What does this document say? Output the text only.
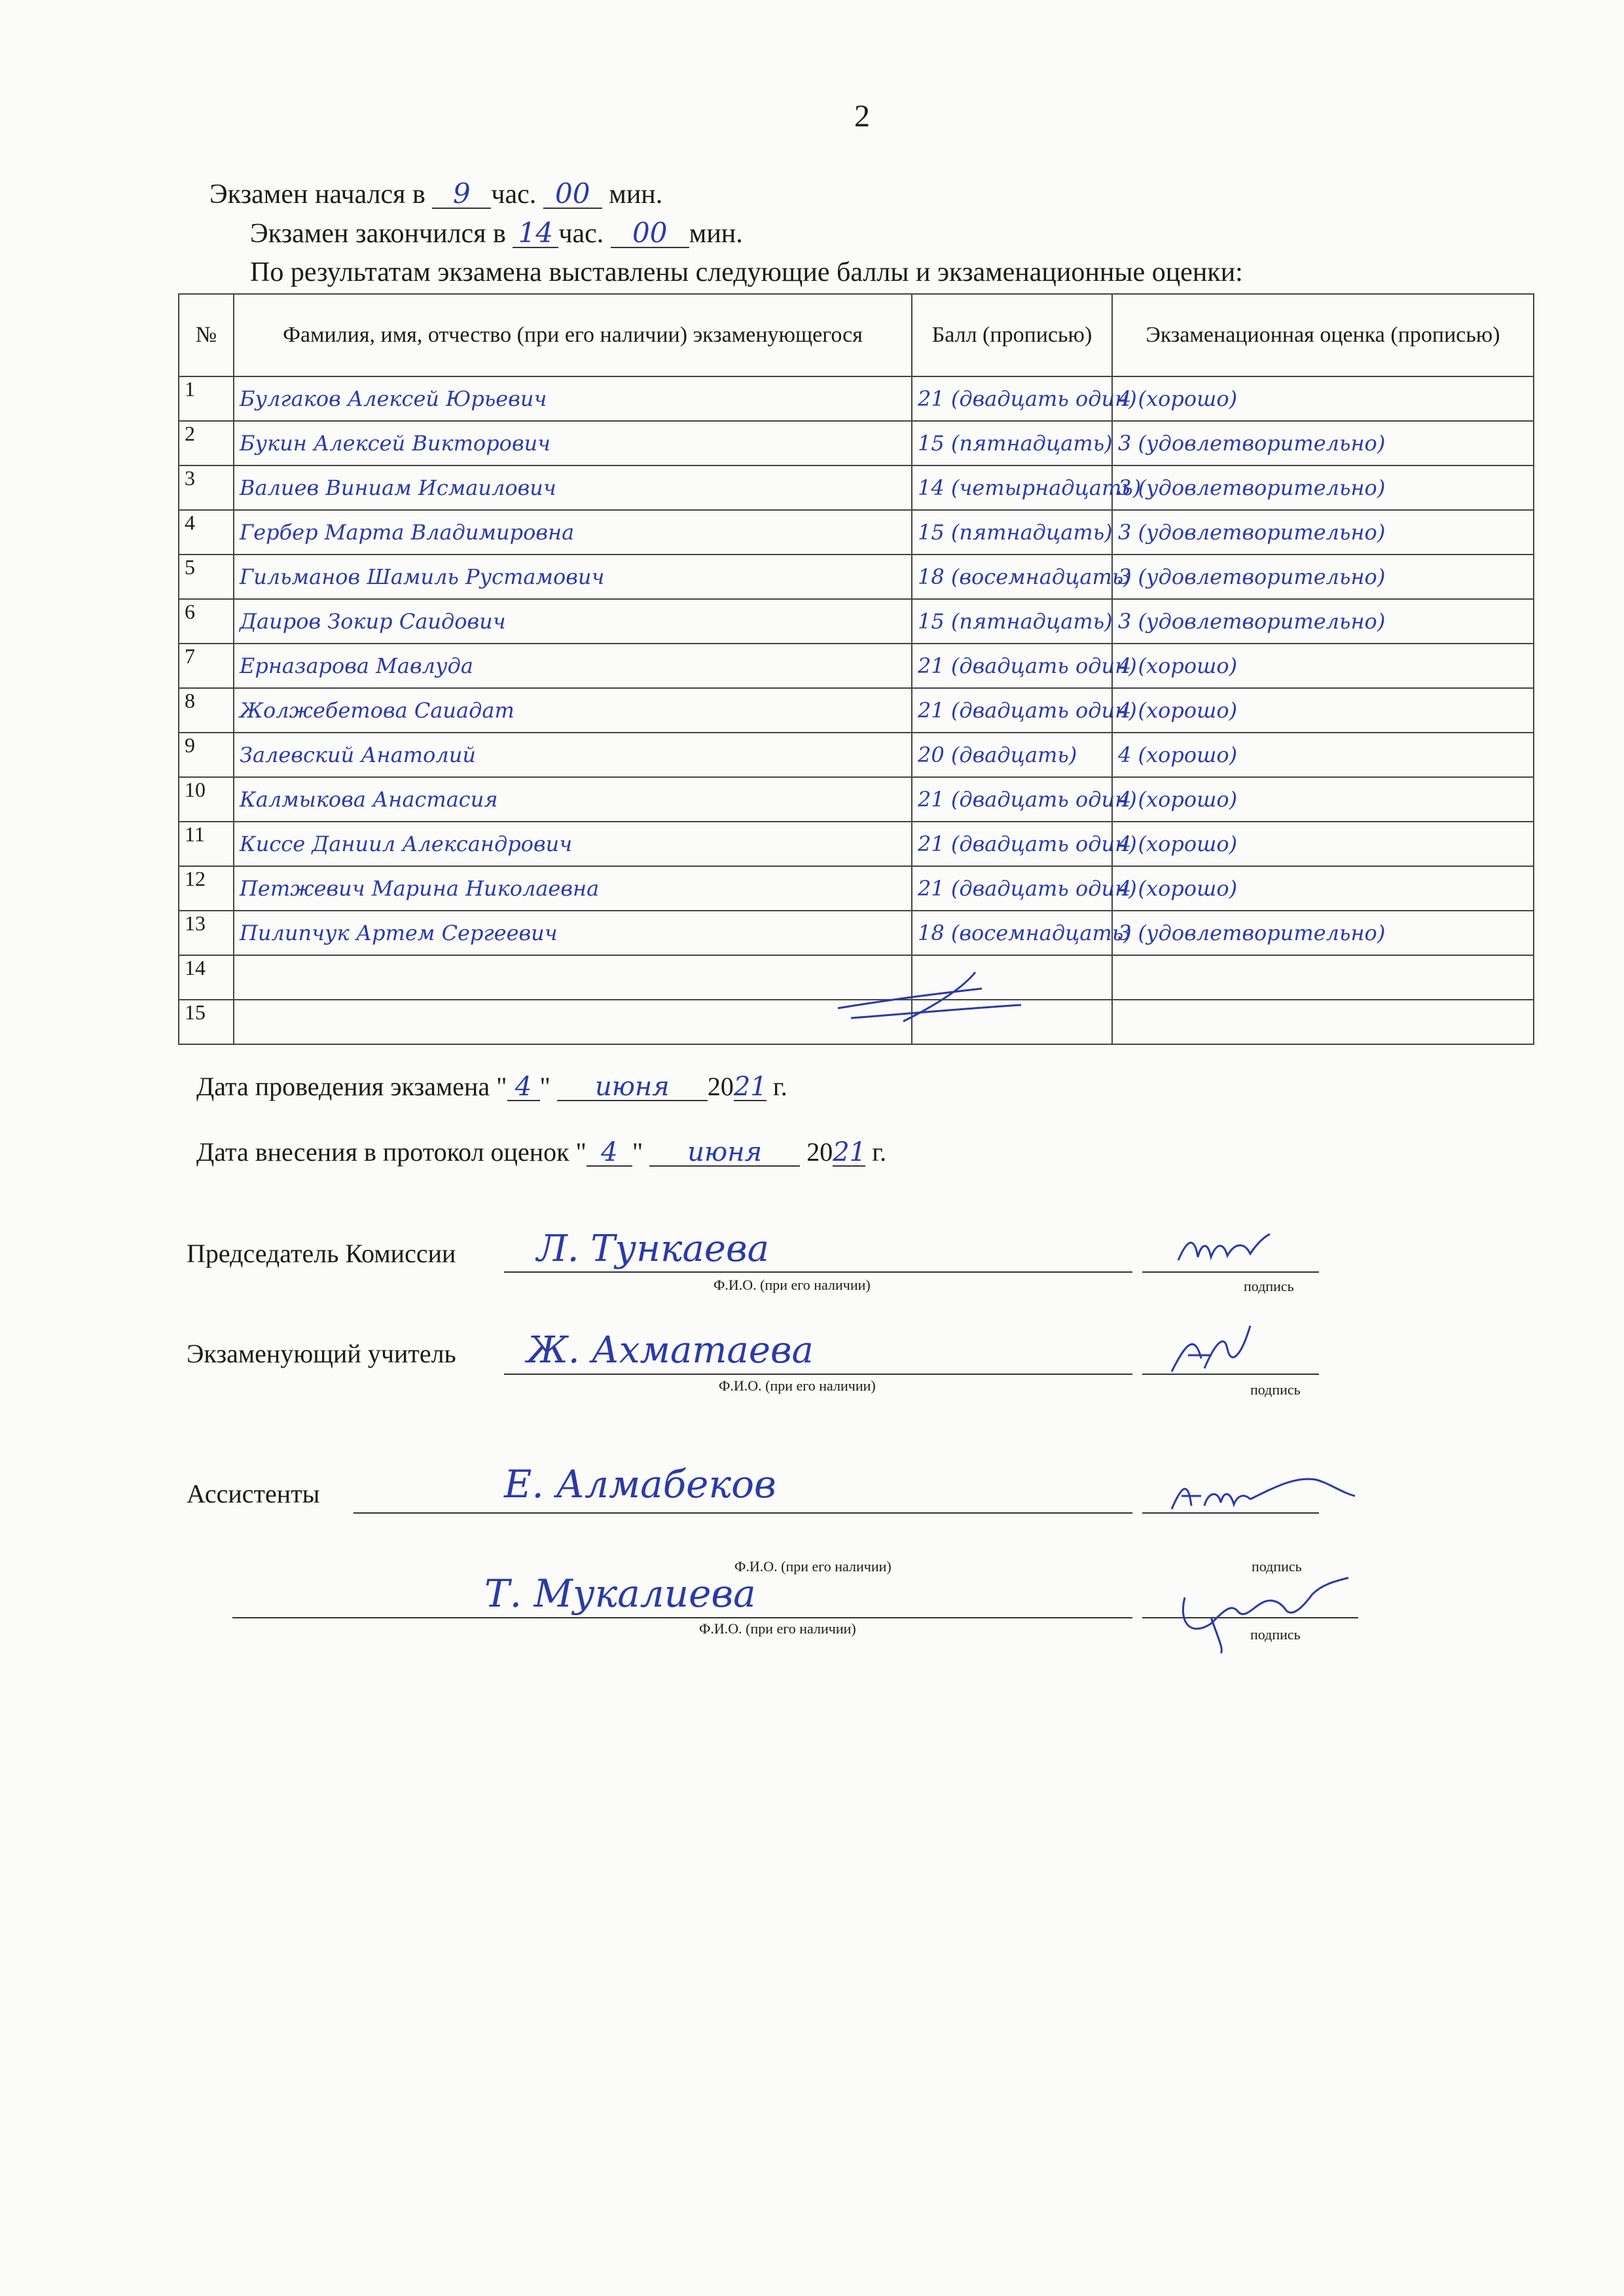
2
Экзамен начался в 9 час. 00 мин.
Экзамен закончился в 14 час. 00 мин.
По результатам экзамена выставлены следующие баллы и экзаменационные оценки:
№	Фамилия, имя, отчество (при его наличии) экзаменующегося	Балл (прописью)	Экзаменационная оценка (прописью)
1	Булгаков Алексей Юрьевич	21 (двадцать один)	4 (хорошо)
2	Букин Алексей Викторович	15 (пятнадцать)	3 (удовлетворительно)
3	Валиев Виниам Исмаилович	14 (четырнадцать)	3 (удовлетворительно)
4	Гербер Марта Владимировна	15 (пятнадцать)	3 (удовлетворительно)
5	Гильманов Шамиль Рустамович	18 (восемнадцать)	3 (удовлетворительно)
6	Даиров Зокир Саидович	15 (пятнадцать)	3 (удовлетворительно)
7	Ерназарова Мавлуда	21 (двадцать один)	4 (хорошо)
8	Жолжебетова Саиадат	21 (двадцать один)	4 (хорошо)
9	Залевский Анатолий	20 (двадцать)	4 (хорошо)
10	Калмыкова Анастасия	21 (двадцать один)	4 (хорошо)
11	Киссе Даниил Александрович	21 (двадцать один)	4 (хорошо)
12	Петжевич Марина Николаевна	21 (двадцать один)	4 (хорошо)
13	Пилипчук Артем Сергеевич	18 (восемнадцать)	3 (удовлетворительно)
14			
15			
Дата проведения экзамена " 4 " июня 2021 г.
Дата внесения в протокол оценок " 4 " июня 2021 г.
Председатель Комиссии Л. Тункаева
Ф.И.О. (при его наличии)	подпись
Экзаменующий учитель Ж. Ахматаева
Ф.И.О. (при его наличии)	подпись
Ассистенты	Е. Алмабеков
Ф.И.О. (при его наличии)	подпись
Т. Мукалиева
Ф.И.О. (при его наличии)	подпись
